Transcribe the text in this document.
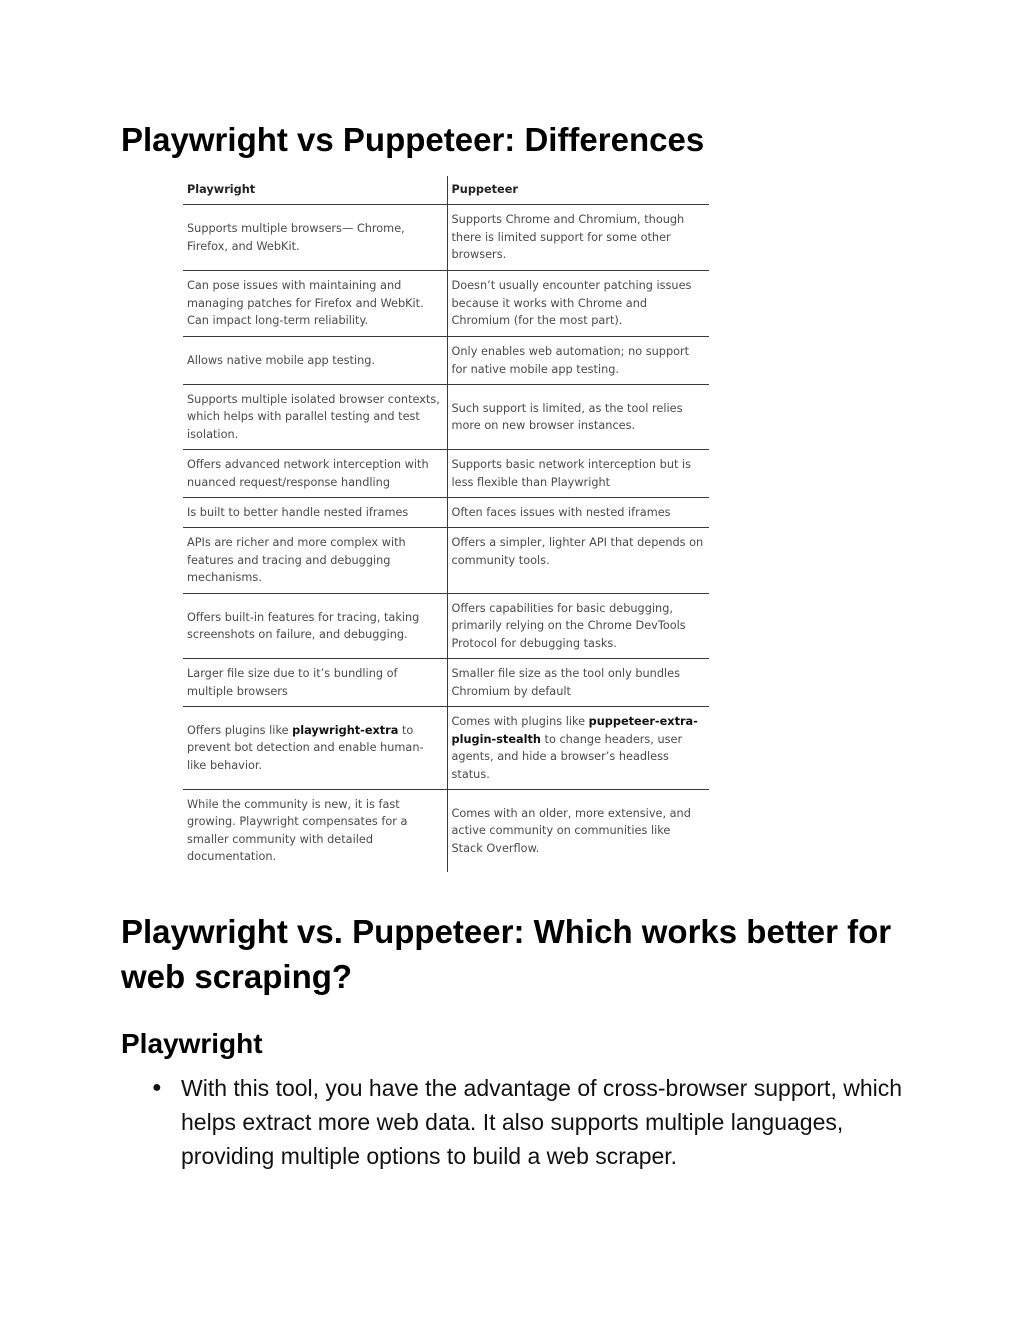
Playwright vs Puppeteer: Differences
Playwright	Puppeteer
Supports multiple browsers— Chrome, Firefox, and WebKit.	Supports Chrome and Chromium, though there is limited support for some other browsers.
Can pose issues with maintaining and managing patches for Firefox and WebKit. Can impact long-term reliability.	Doesn’t usually encounter patching issues because it works with Chrome and Chromium (for the most part).
Allows native mobile app testing.	Only enables web automation; no support for native mobile app testing.
Supports multiple isolated browser contexts, which helps with parallel testing and test isolation.	Such support is limited, as the tool relies more on new browser instances.
Offers advanced network interception with nuanced request/response handling	Supports basic network interception but is less flexible than Playwright
Is built to better handle nested iframes	Often faces issues with nested iframes
APIs are richer and more complex with features and tracing and debugging mechanisms.	Offers a simpler, lighter API that depends on community tools.
Offers built-in features for tracing, taking screenshots on failure, and debugging.	Offers capabilities for basic debugging, primarily relying on the Chrome DevTools Protocol for debugging tasks.
Larger file size due to it’s bundling of multiple browsers	Smaller file size as the tool only bundles Chromium by default
Offers plugins like playwright-extra to prevent bot detection and enable human-like behavior.	Comes with plugins like puppeteer-extra-plugin-stealth to change headers, user agents, and hide a browser’s headless status.
While the community is new, it is fast growing. Playwright compensates for a smaller community with detailed documentation.	Comes with an older, more extensive, and active community on communities like Stack Overflow.
Playwright vs. Puppeteer: Which works better for web scraping?
Playwright
● With this tool, you have the advantage of cross-browser support, which helps extract more web data. It also supports multiple languages, providing multiple options to build a web scraper.
